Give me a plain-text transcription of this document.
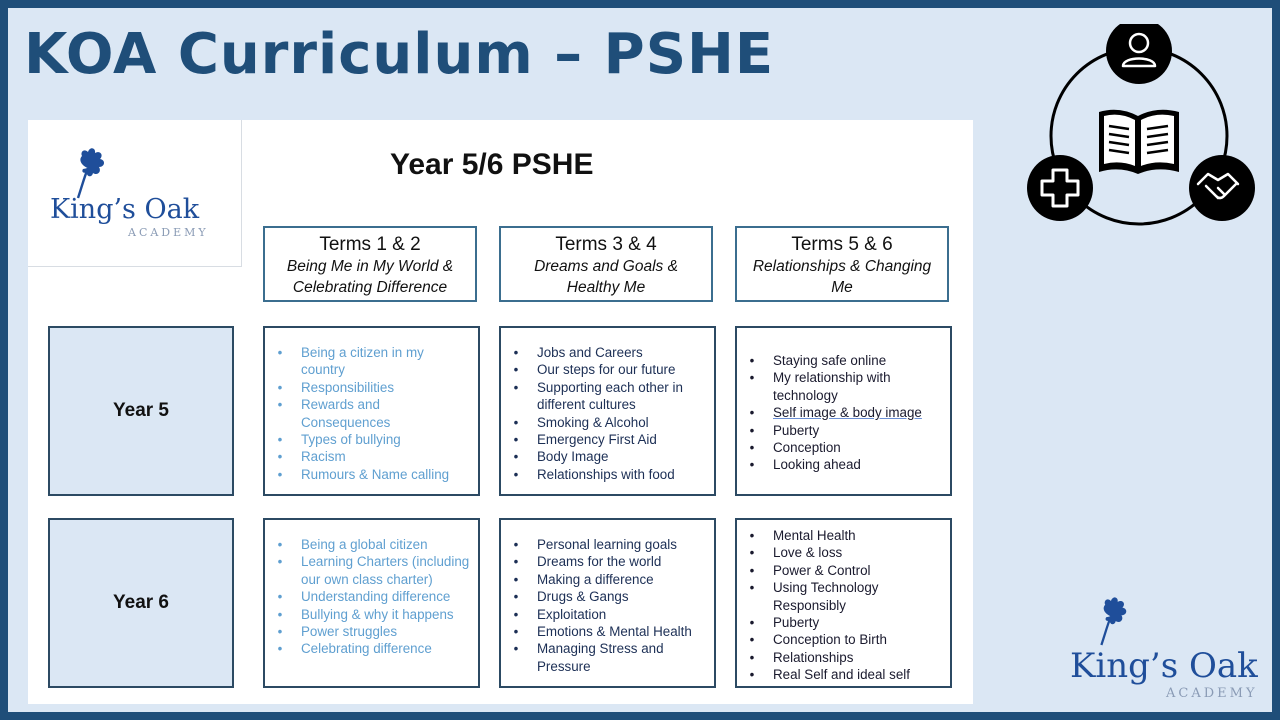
KOA Curriculum – PSHE
King’s Oak
ACADEMY
Year 5/6 PSHE
Terms 1 & 2
Being Me in My World & Celebrating Difference
Terms 3 & 4
Dreams and Goals & Healthy Me
Terms 5 & 6
Relationships & Changing Me
Year 5
• Being a citizen in my country
• Responsibilities
• Rewards and Consequences
• Types of bullying
• Racism
• Rumours & Name calling
• Jobs and Careers
• Our steps for our future
• Supporting each other in different cultures
• Smoking & Alcohol
• Emergency First Aid
• Body Image
• Relationships with food
• Staying safe online
• My relationship with technology
• Self image & body image
• Puberty
• Conception
• Looking ahead
Year 6
• Being a global citizen
• Learning Charters (including our own class charter)
• Understanding difference
• Bullying & why it happens
• Power struggles
• Celebrating difference
• Personal learning goals
• Dreams for the world
• Making a difference
• Drugs & Gangs
• Exploitation
• Emotions & Mental Health
• Managing Stress and Pressure
• Mental Health
• Love & loss
• Power & Control
• Using Technology Responsibly
• Puberty
• Conception to Birth
• Relationships
• Real Self and ideal self	King’s Oak
ACADEMY
